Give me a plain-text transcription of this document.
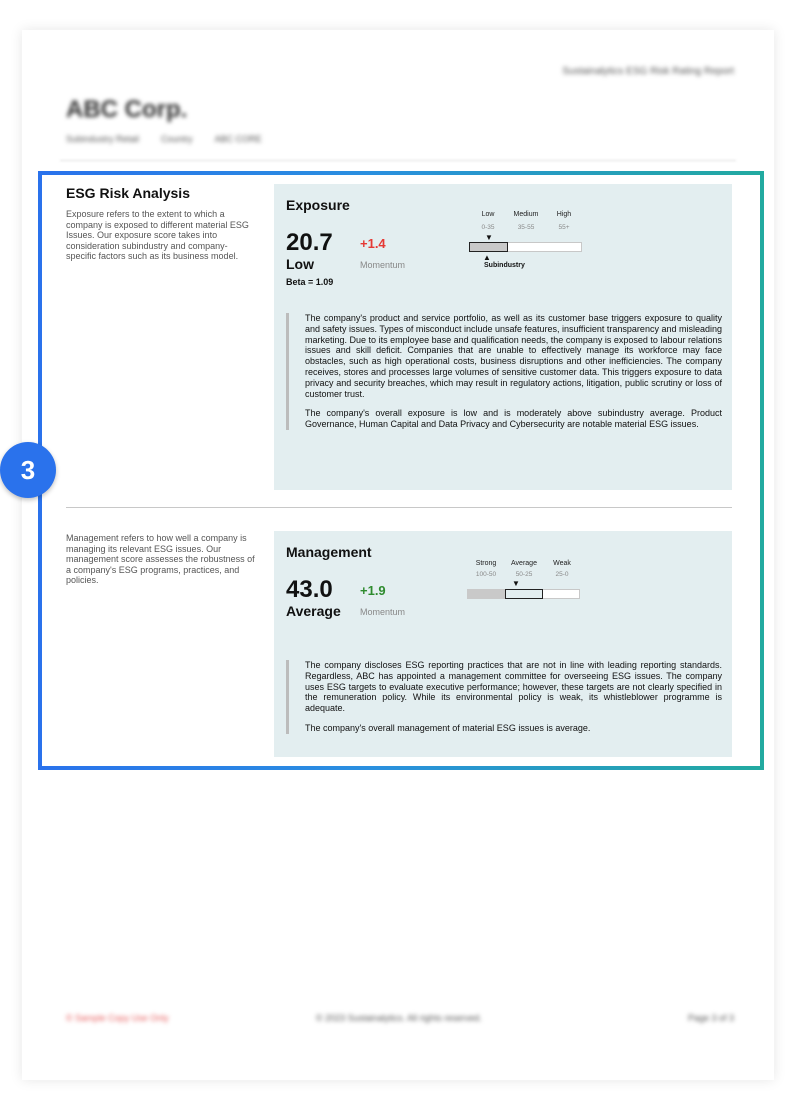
Sustainalytics ESG Risk Rating Report
ABC Corp.
Subindustry Retail Country ABC CORE
© Sample Copy Use Only	© 2023 Sustainalytics. All rights reserved.	Page 3 of 3
3
ESG Risk Analysis
Exposure refers to the extent to which a company is exposed to different material ESG Issues. Our exposure score takes into consideration subindustry and company-specific factors such as its business model.
Exposure
20.7
Low
Beta = 1.09
+1.4
Momentum
Low	Medium	High
0-35	35-55	55+
▼
▲
Subindustry

The company's product and service portfolio, as well as its customer base triggers exposure to quality and safety issues. Types of misconduct include unsafe features, insufficient transparency and misleading marketing. Due to its employee base and qualification needs, the company is exposed to labour relations issues and skill deficit. Companies that are unable to effectively manage its workforce may face obstacles, such as high operational costs, business disruptions and other inefficiencies. The company receives, stores and processes large volumes of sensitive customer data. This triggers exposure to data privacy and security breaches, which may result in regulatory actions, litigation, public scrutiny or loss of customer trust.

The company's overall exposure is low and is moderately above subindustry average. Product Governance, Human Capital and Data Privacy and Cybersecurity are notable material ESG issues.

Management refers to how well a company is managing its relevant ESG issues. Our management score assesses the robustness of a company's ESG programs, practices, and policies.
Management
43.0
Average
+1.9
Momentum
Strong	Average	Weak
100-50	50-25	25-0
▼

The company discloses ESG reporting practices that are not in line with leading reporting standards. Regardless, ABC has appointed a management committee for overseeing ESG issues. The company uses ESG targets to evaluate executive performance; however, these targets are not clearly specified in the remuneration policy. While its environmental policy is weak, its whistleblower programme is adequate.

The company's overall management of material ESG issues is average.
